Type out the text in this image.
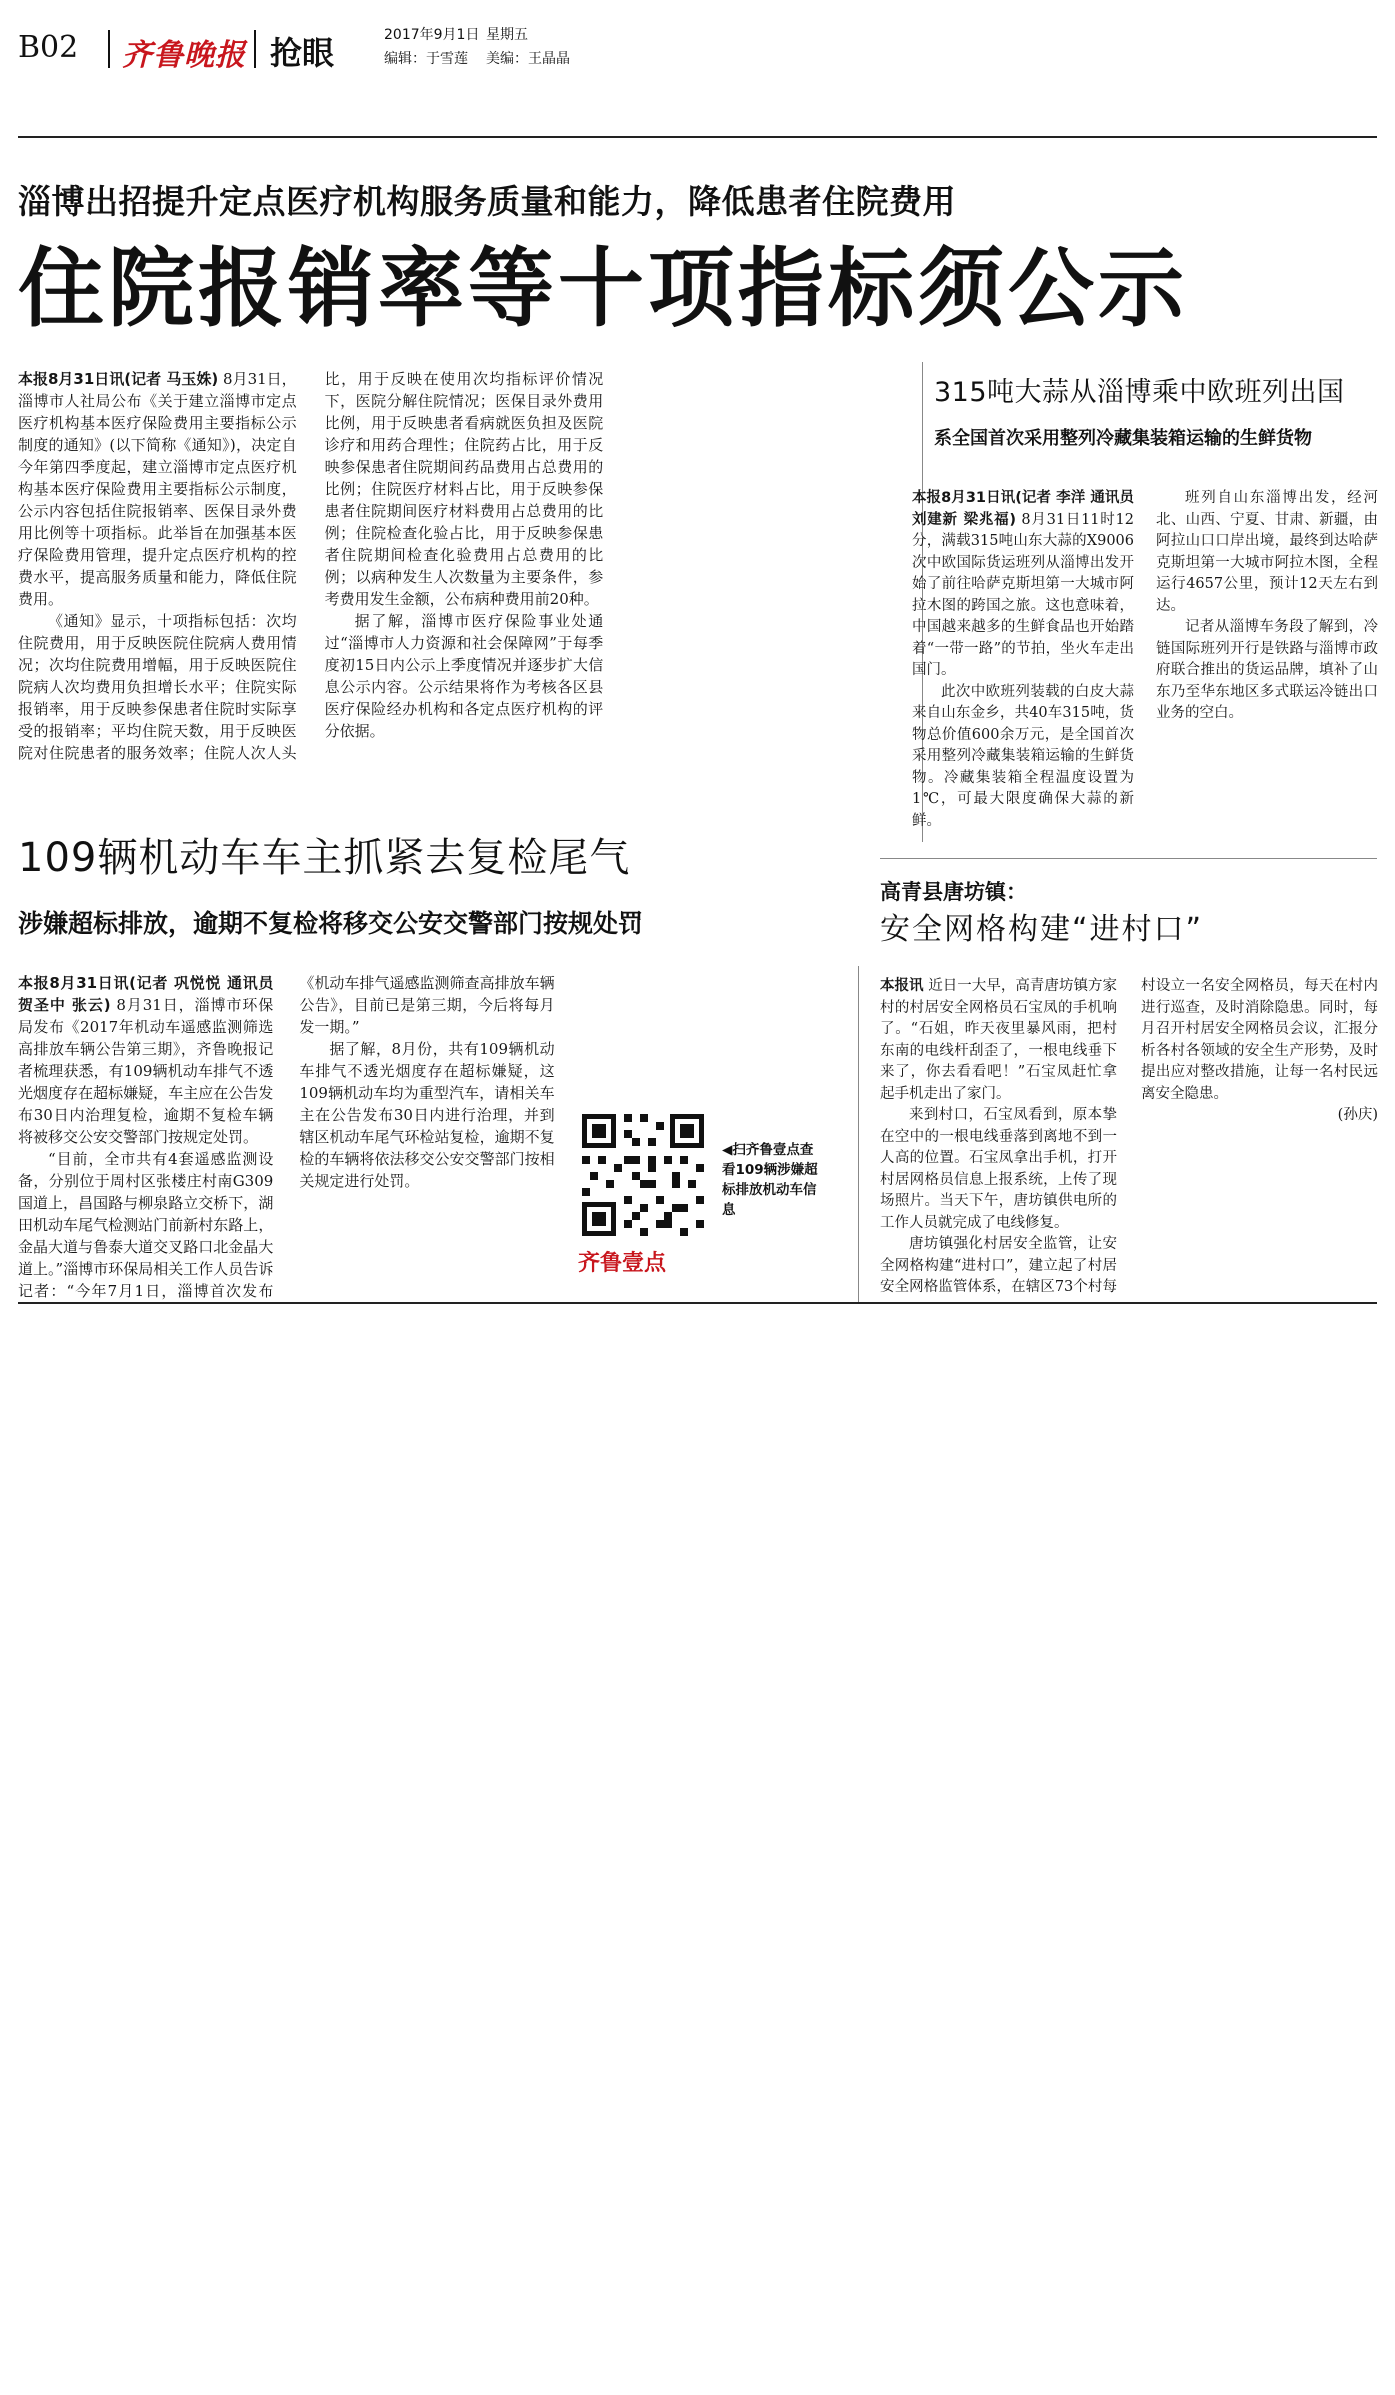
B02 齐鲁晚报 抢眼	2017年9月1日 星期五
编辑：于雪莲 美编：王晶晶
淄博出招提升定点医疗机构服务质量和能力，降低患者住院费用
住院报销率等十项指标须公示

本报8月31日讯(记者 马玉姝) 8月31日，淄博市人社局公布《关于建立淄博市定点医疗机构基本医疗保险费用主要指标公示制度的通知》(以下简称《通知》)，决定自今年第四季度起，建立淄博市定点医疗机构基本医疗保险费用主要指标公示制度，公示内容包括住院报销率、医保目录外费用比例等十项指标。此举旨在加强基本医疗保险费用管理，提升定点医疗机构的控费水平，提高服务质量和能力，降低住院费用。

《通知》显示，十项指标包括：次均住院费用，用于反映医院住院病人费用情况；次均住院费用增幅，用于反映医院住院病人次均费用负担增长水平；住院实际报销率，用于反映参保患者住院时实际享受的报销率；平均住院天数，用于反映医院对住院患者的服务效率；住院人次人头比，用于反映在使用次均指标评价情况下，医院分解住院情况；医保目录外费用比例，用于反映患者看病就医负担及医院诊疗和用药合理性；住院药占比，用于反映参保患者住院期间药品费用占总费用的比例；住院医疗材料占比，用于反映参保患者住院期间医疗材料费用占总费用的比例；住院检查化验占比，用于反映参保患者住院期间检查化验费用占总费用的比例；以病种发生人次数量为主要条件，参考费用发生金额，公布病种费用前20种。

据了解，淄博市医疗保险事业处通过“淄博市人力资源和社会保障网”于每季度初15日内公示上季度情况并逐步扩大信息公示内容。公示结果将作为考核各区县医疗保险经办机构和各定点医疗机构的评分依据。

315吨大蒜从淄博乘中欧班列出国
系全国首次采用整列冷藏集装箱运输的生鲜货物

本报8月31日讯(记者 李洋 通讯员 刘建新 梁兆福) 8月31日11时12分，满载315吨山东大蒜的X9006次中欧国际货运班列从淄博出发开始了前往哈萨克斯坦第一大城市阿拉木图的跨国之旅。这也意味着，中国越来越多的生鲜食品也开始踏着“一带一路”的节拍，坐火车走出国门。

此次中欧班列装载的白皮大蒜来自山东金乡，共40车315吨，货物总价值600余万元，是全国首次采用整列冷藏集装箱运输的生鲜货物。冷藏集装箱全程温度设置为1℃，可最大限度确保大蒜的新鲜。

班列自山东淄博出发，经河北、山西、宁夏、甘肃、新疆，由阿拉山口口岸出境，最终到达哈萨克斯坦第一大城市阿拉木图，全程运行4657公里，预计12天左右到达。

记者从淄博车务段了解到，冷链国际班列开行是铁路与淄博市政府联合推出的货运品牌，填补了山东乃至华东地区多式联运冷链出口业务的空白。

109辆机动车车主抓紧去复检尾气
涉嫌超标排放，逾期不复检将移交公安交警部门按规处罚

本报8月31日讯(记者 巩悦悦 通讯员 贺圣中 张云) 8月31日，淄博市环保局发布《2017年机动车遥感监测筛选高排放车辆公告第三期》，齐鲁晚报记者梳理获悉，有109辆机动车排气不透光烟度存在超标嫌疑，车主应在公告发布30日内治理复检，逾期不复检车辆将被移交公安交警部门按规定处罚。

“目前，全市共有4套遥感监测设备，分别位于周村区张楼庄村南G309国道上，昌国路与柳泉路立交桥下，湖田机动车尾气检测站门前新村东路上，金晶大道与鲁泰大道交叉路口北金晶大道上。”淄博市环保局相关工作人员告诉记者：“今年7月1日，淄博首次发布《机动车排气遥感监测筛查高排放车辆公告》，目前已是第三期，今后将每月发一期。”

据了解，8月份，共有109辆机动车排气不透光烟度存在超标嫌疑，这109辆机动车均为重型汽车，请相关车主在公告发布30日内进行治理，并到辖区机动车尾气环检站复检，逾期不复检的车辆将依法移交公安交警部门按相关规定进行处罚。

齐鲁壹点
◀扫齐鲁壹点查看109辆涉嫌超标排放机动车信息
高青县唐坊镇：
安全网格构建“进村口”

本报讯 近日一大早，高青唐坊镇方家村的村居安全网格员石宝凤的手机响了。“石姐，昨天夜里暴风雨，把村东南的电线杆刮歪了，一根电线垂下来了，你去看看吧！”石宝凤赶忙拿起手机走出了家门。

来到村口，石宝凤看到，原本挚在空中的一根电线垂落到离地不到一人高的位置。石宝凤拿出手机，打开村居网格员信息上报系统，上传了现场照片。当天下午，唐坊镇供电所的工作人员就完成了电线修复。

唐坊镇强化村居安全监管，让安全网格构建“进村口”，建立起了村居安全网格监管体系，在辖区73个村每村设立一名安全网格员，每天在村内进行巡查，及时消除隐患。同时，每月召开村居安全网格员会议，汇报分析各村各领域的安全生产形势，及时提出应对整改措施，让每一名村民远离安全隐患。

(孙庆)
